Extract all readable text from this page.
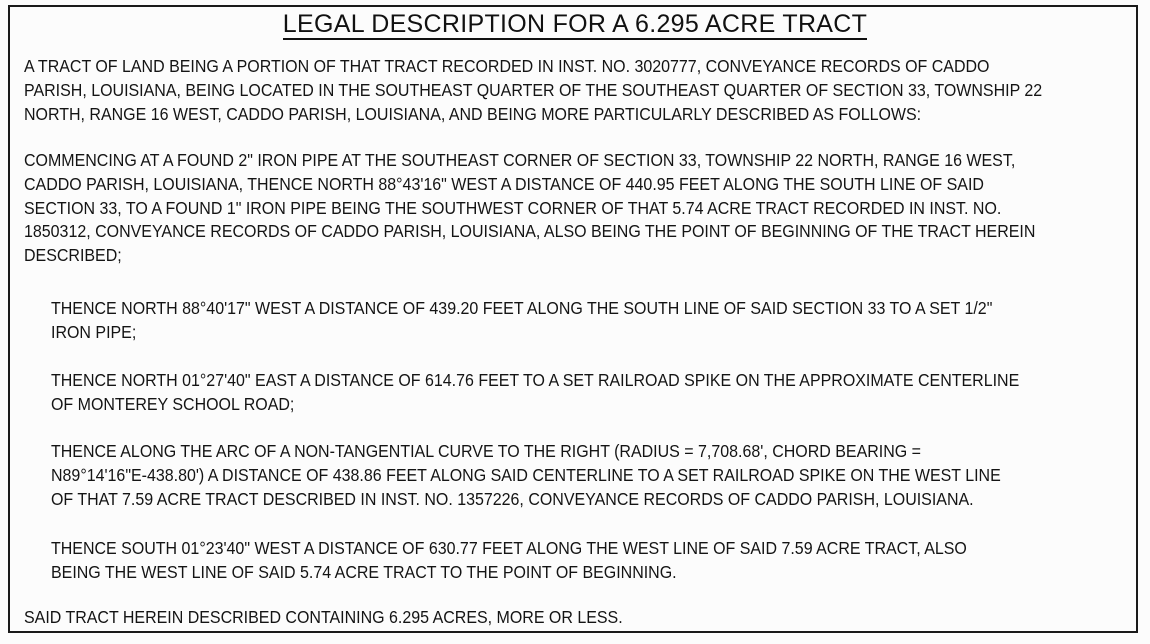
LEGAL DESCRIPTION FOR A 6.295 ACRE TRACT

A TRACT OF LAND BEING A PORTION OF THAT TRACT RECORDED IN INST. NO. 3020777, CONVEYANCE RECORDS OF CADDO
PARISH, LOUISIANA, BEING LOCATED IN THE SOUTHEAST QUARTER OF THE SOUTHEAST QUARTER OF SECTION 33, TOWNSHIP 22
NORTH, RANGE 16 WEST, CADDO PARISH, LOUISIANA, AND BEING MORE PARTICULARLY DESCRIBED AS FOLLOWS:

COMMENCING AT A FOUND 2" IRON PIPE AT THE SOUTHEAST CORNER OF SECTION 33, TOWNSHIP 22 NORTH, RANGE 16 WEST,
CADDO PARISH, LOUISIANA, THENCE NORTH 88°43'16" WEST A DISTANCE OF 440.95 FEET ALONG THE SOUTH LINE OF SAID
SECTION 33, TO A FOUND 1" IRON PIPE BEING THE SOUTHWEST CORNER OF THAT 5.74 ACRE TRACT RECORDED IN INST. NO.
1850312, CONVEYANCE RECORDS OF CADDO PARISH, LOUISIANA, ALSO BEING THE POINT OF BEGINNING OF THE TRACT HEREIN
DESCRIBED;

THENCE NORTH 88°40'17" WEST A DISTANCE OF 439.20 FEET ALONG THE SOUTH LINE OF SAID SECTION 33 TO A SET 1/2"
IRON PIPE;

THENCE NORTH 01°27'40" EAST A DISTANCE OF 614.76 FEET TO A SET RAILROAD SPIKE ON THE APPROXIMATE CENTERLINE
OF MONTEREY SCHOOL ROAD;

THENCE ALONG THE ARC OF A NON-TANGENTIAL CURVE TO THE RIGHT (RADIUS = 7,708.68', CHORD BEARING =
N89°14'16"E-438.80') A DISTANCE OF 438.86 FEET ALONG SAID CENTERLINE TO A SET RAILROAD SPIKE ON THE WEST LINE
OF THAT 7.59 ACRE TRACT DESCRIBED IN INST. NO. 1357226, CONVEYANCE RECORDS OF CADDO PARISH, LOUISIANA.

THENCE SOUTH 01°23'40" WEST A DISTANCE OF 630.77 FEET ALONG THE WEST LINE OF SAID 7.59 ACRE TRACT, ALSO
BEING THE WEST LINE OF SAID 5.74 ACRE TRACT TO THE POINT OF BEGINNING.

SAID TRACT HEREIN DESCRIBED CONTAINING 6.295 ACRES, MORE OR LESS.
